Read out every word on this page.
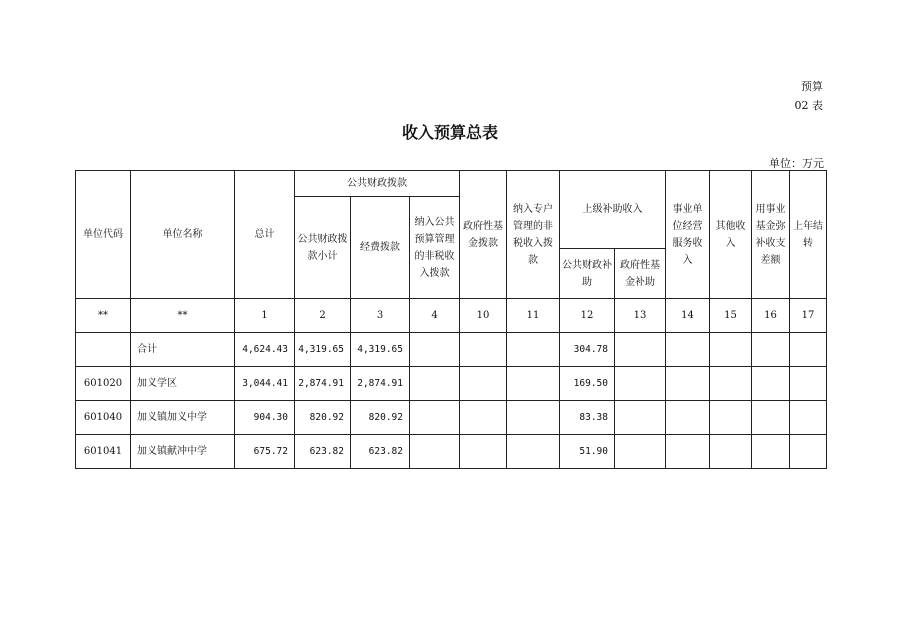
预算
02 表
收入预算总表
单位：万元
单位代码	单位名称	总计	公共财政拨款			政府性基金拨款	纳入专户管理的非税收入拨款	上级补助收入		事业单位经营服务收入	其他收入	用事业基金弥补收支差额	上年结转
			公共财政拨款小计	经费拨款	纳入公共预算管理的非税收入拨款								
								公共财政补助	政府性基金补助				
**	**	1	2	3	4	10	11	12	13	14	15	16	17
	合计	4,624.43	4,319.65	4,319.65				304.78					
601020	加义学区	3,044.41	2,874.91	2,874.91				169.50					
601040	加义镇加义中学	904.30	820.92	820.92				83.38					
601041	加义镇献冲中学	675.72	623.82	623.82				51.90					
